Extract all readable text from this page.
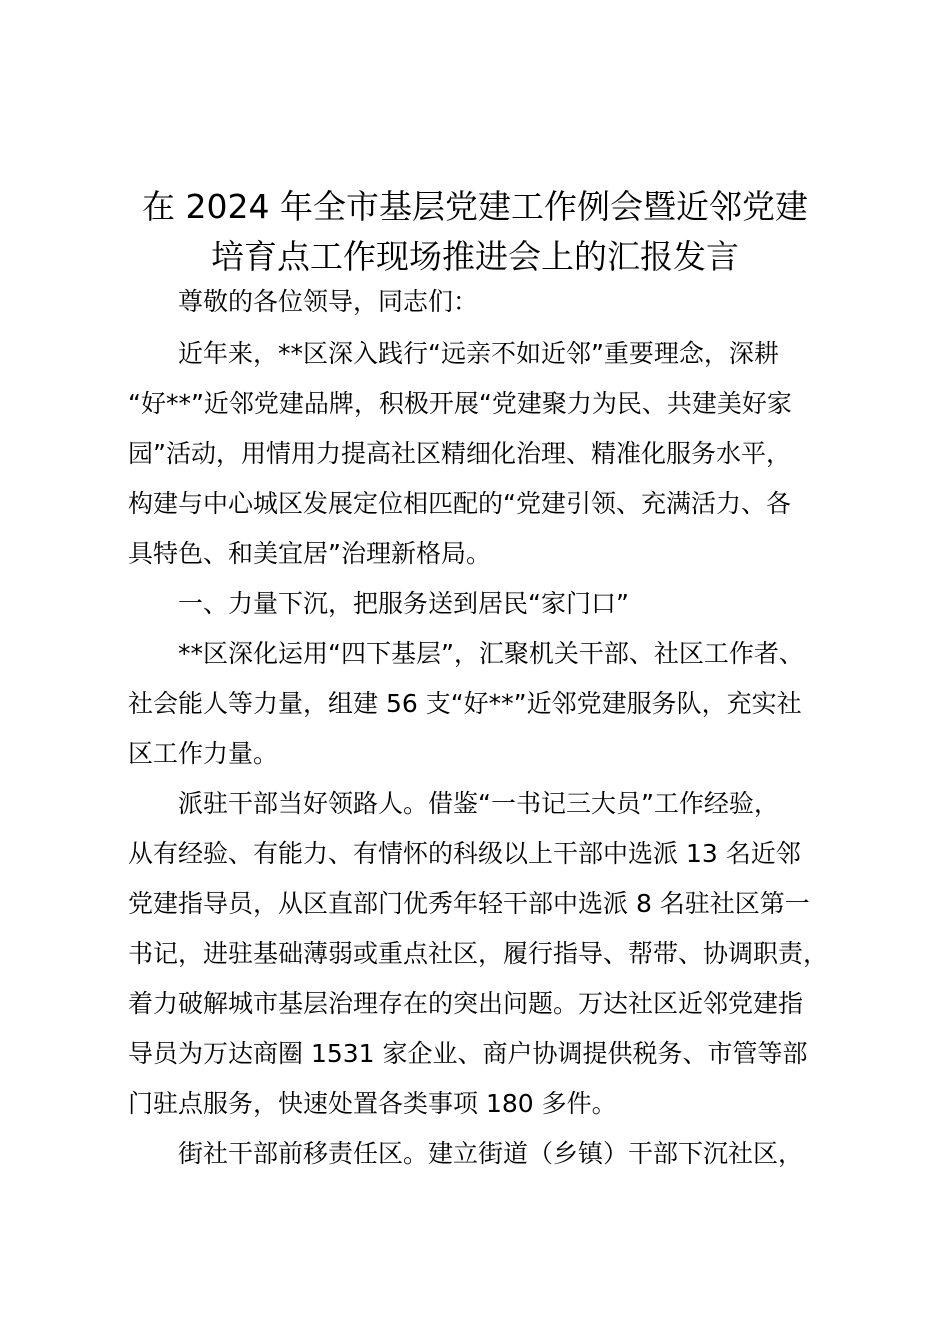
在 2024 年全市基层党建工作例会暨近邻党建
培育点工作现场推进会上的汇报发言
尊敬的各位领导，同志们：
近年来，**区深入践行“远亲不如近邻”重要理念，深耕
“好**”近邻党建品牌，积极开展“党建聚力为民、共建美好家
园”活动，用情用力提高社区精细化治理、精准化服务水平，
构建与中心城区发展定位相匹配的“党建引领、充满活力、各
具特色、和美宜居”治理新格局。
一、力量下沉，把服务送到居民“家门口”
**区深化运用“四下基层”，汇聚机关干部、社区工作者、
社会能人等力量，组建 56 支“好**”近邻党建服务队，充实社
区工作力量。
派驻干部当好领路人。借鉴“一书记三大员”工作经验，
从有经验、有能力、有情怀的科级以上干部中选派 13 名近邻
党建指导员，从区直部门优秀年轻干部中选派 8 名驻社区第一
书记，进驻基础薄弱或重点社区，履行指导、帮带、协调职责，
着力破解城市基层治理存在的突出问题。万达社区近邻党建指
导员为万达商圈 1531 家企业、商户协调提供税务、市管等部
门驻点服务，快速处置各类事项 180 多件。
街社干部前移责任区。建立街道（乡镇）干部下沉社区，
